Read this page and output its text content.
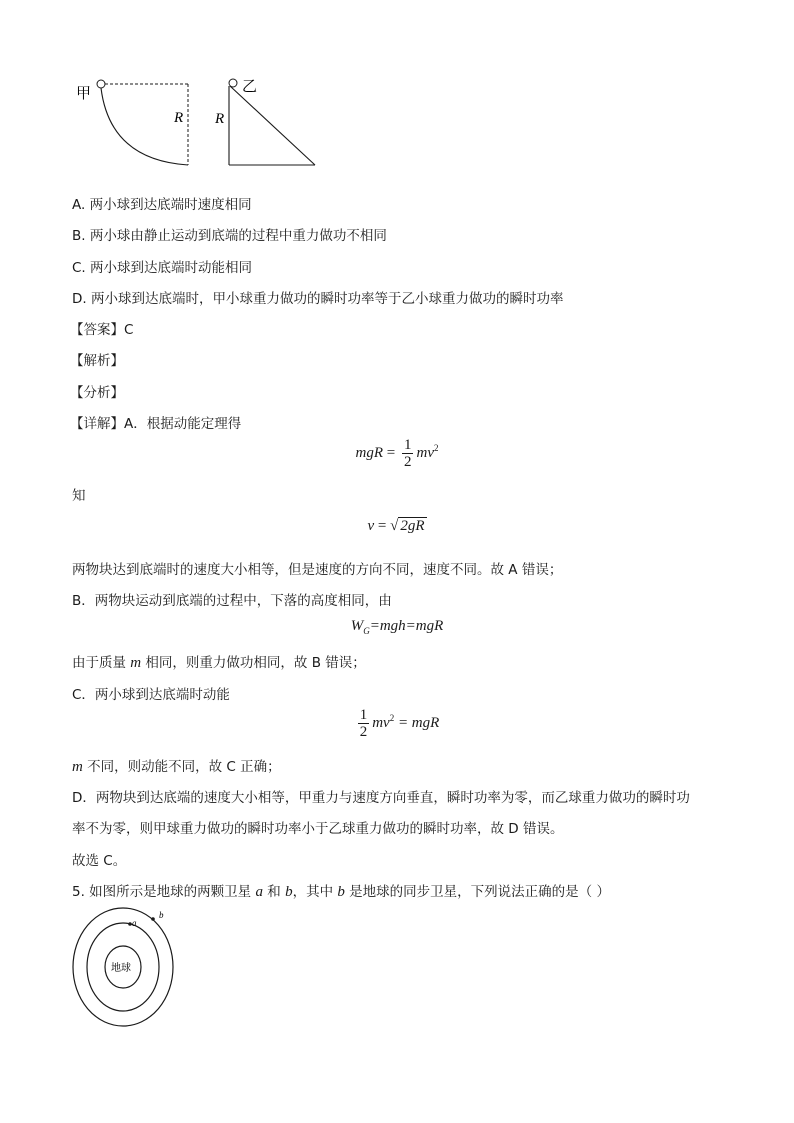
甲
R
乙
R
A. 两小球到达底端时速度相同
B. 两小球由静止运动到底端的过程中重力做功不相同
C. 两小球到达底端时动能相同
D. 两小球到达底端时，甲小球重力做功的瞬时功率等于乙小球重力做功的瞬时功率
【答案】C
【解析】
【分析】
【详解】A．根据动能定理得
mgR = $\frac{1}{2} mv^2$
知
v = √ 2gR
两物块达到底端时的速度大小相等，但是速度的方向不同，速度不同。故 A 错误；
B．两物块运动到底端的过程中，下落的高度相同，由
$W_G=mgh=mgR$
由于质量 m 相同，则重力做功相同，故 B 错误；
C．两小球到达底端时动能
$\frac{1}{2} mv^2$ = mgR
m 不同，则动能不同，故 C 正确；
D．两物块到达底端的速度大小相等，甲重力与速度方向垂直，瞬时功率为零，而乙球重力做功的瞬时功
率不为零，则甲球重力做功的瞬时功率小于乙球重力做功的瞬时功率，故 D 错误。
故选 C。
5. 如图所示是地球的两颗卫星 a 和 b，其中 b 是地球的同步卫星，下列说法正确的是（ ）
地球
a
b
